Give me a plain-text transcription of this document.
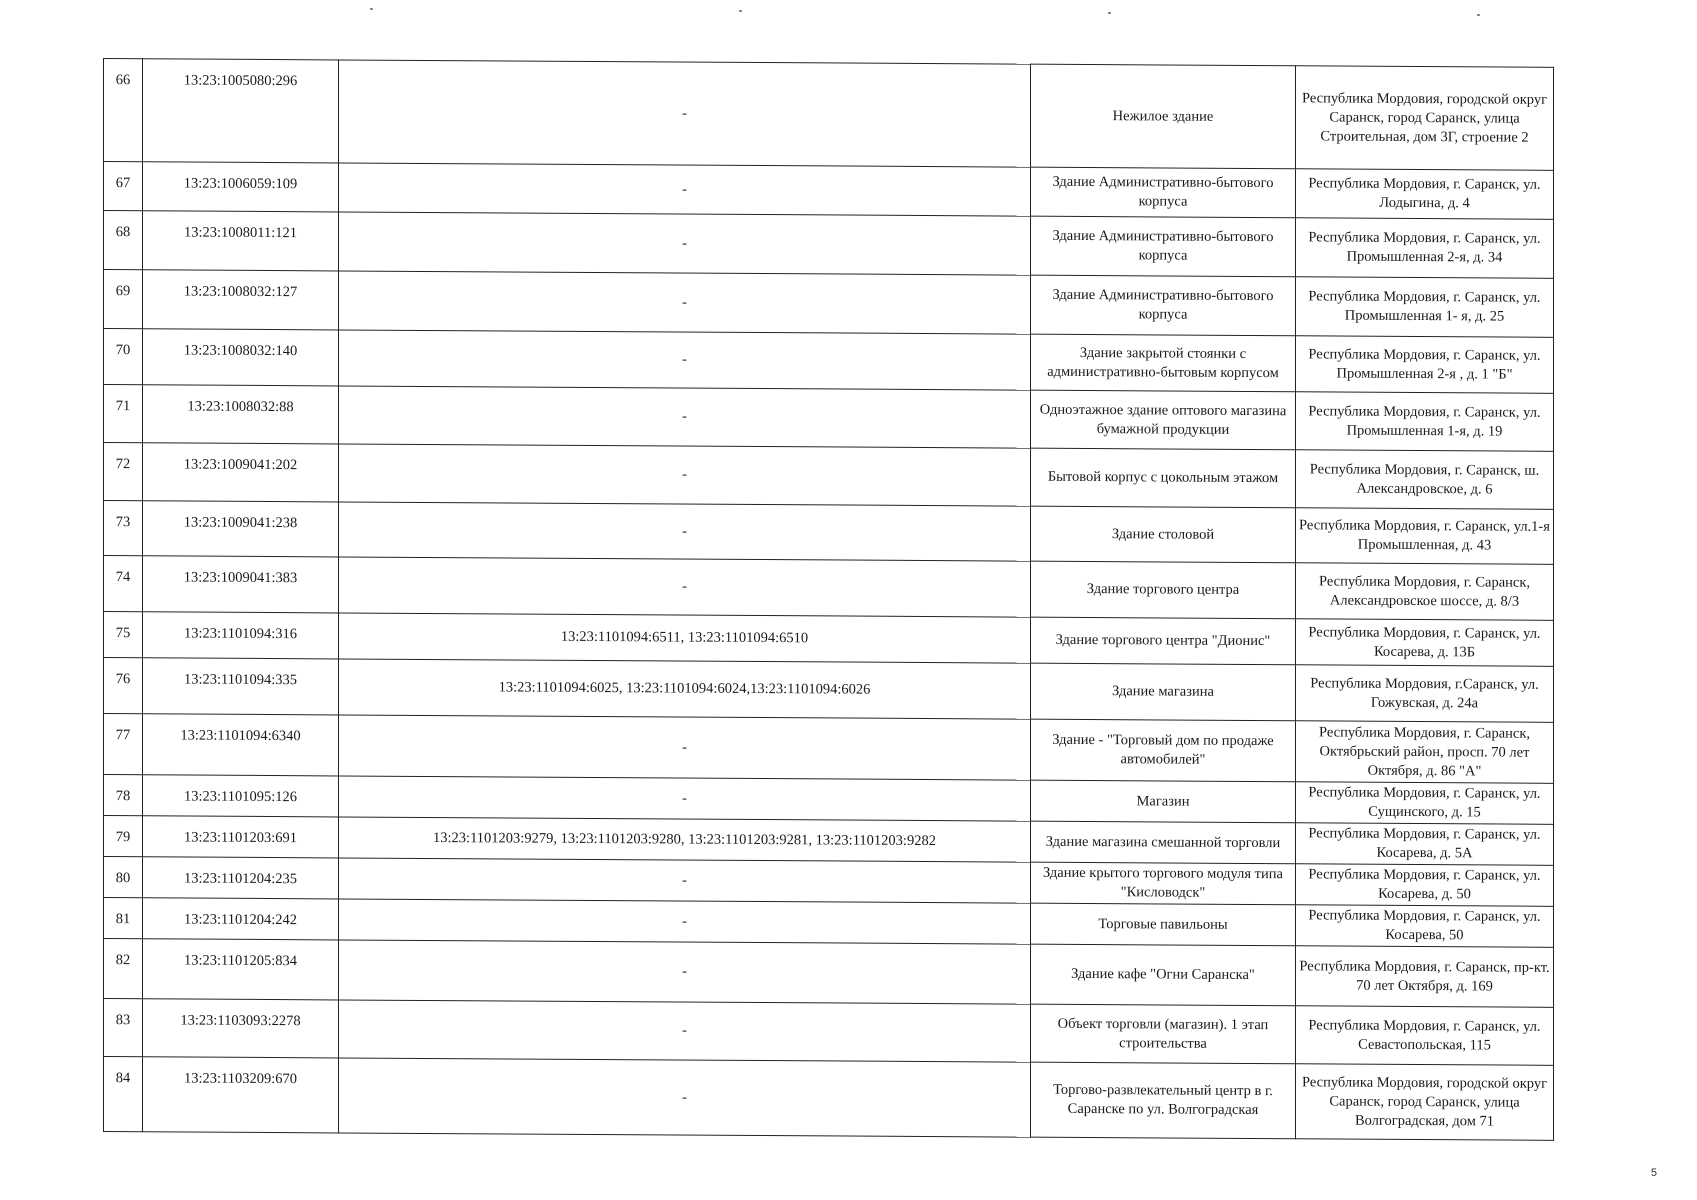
66	13:23:1005080:296	-	Нежилое здание	Республика Мордовия, городской округ Саранск, город Саранск, улица Строительная, дом 3Г, строение 2
67	13:23:1006059:109	-	Здание Административно-бытового корпуса	Республика Мордовия, г. Саранск, ул. Лодыгина, д. 4
68	13:23:1008011:121	-	Здание Административно-бытового корпуса	Республика Мордовия, г. Саранск, ул. Промышленная 2-я, д. 34
69	13:23:1008032:127	-	Здание Административно-бытового корпуса	Республика Мордовия, г. Саранск, ул. Промышленная 1- я, д. 25
70	13:23:1008032:140	-	Здание закрытой стоянки с административно-бытовым корпусом	Республика Мордовия, г. Саранск, ул. Промышленная 2-я , д. 1 "Б"
71	13:23:1008032:88	-	Одноэтажное здание оптового магазина бумажной продукции	Республика Мордовия, г. Саранск, ул. Промышленная 1-я, д. 19
72	13:23:1009041:202	-	Бытовой корпус с цокольным этажом	Республика Мордовия, г. Саранск, ш. Александровское, д. 6
73	13:23:1009041:238	-	Здание столовой	Республика Мордовия, г. Саранск, ул.1-я Промышленная, д. 43
74	13:23:1009041:383	-	Здание торгового центра	Республика Мордовия, г. Саранск, Александровское шоссе, д. 8/3
75	13:23:1101094:316	13:23:1101094:6511, 13:23:1101094:6510	Здание торгового центра "Дионис"	Республика Мордовия, г. Саранск, ул. Косарева, д. 13Б
76	13:23:1101094:335	13:23:1101094:6025, 13:23:1101094:6024,13:23:1101094:6026	Здание магазина	Республика Мордовия, г.Саранск, ул. Гожувская, д. 24а
77	13:23:1101094:6340	-	Здание - "Торговый дом по продаже автомобилей"	Республика Мордовия, г. Саранск, Октябрьский район, просп. 70 лет Октября, д. 86 "А"
78	13:23:1101095:126	-	Магазин	Республика Мордовия, г. Саранск, ул. Сущинского, д. 15
79	13:23:1101203:691	13:23:1101203:9279, 13:23:1101203:9280, 13:23:1101203:9281, 13:23:1101203:9282	Здание магазина смешанной торговли	Республика Мордовия, г. Саранск, ул. Косарева, д. 5А
80	13:23:1101204:235	-	Здание крытого торгового модуля типа "Кисловодск"	Республика Мордовия, г. Саранск, ул. Косарева, д. 50
81	13:23:1101204:242	-	Торговые павильоны	Республика Мордовия, г. Саранск, ул. Косарева, 50
82	13:23:1101205:834	-	Здание кафе "Огни Саранска"	Республика Мордовия, г. Саранск, пр-кт. 70 лет Октября, д. 169
83	13:23:1103093:2278	-	Объект торговли (магазин). 1 этап строительства	Республика Мордовия, г. Саранск, ул. Севастопольская, 115
84	13:23:1103209:670	-	Торгово-развлекательный центр в г. Саранске по ул. Волгоградская	Республика Мордовия, городской округ Саранск, город Саранск, улица Волгоградская, дом 71
5
